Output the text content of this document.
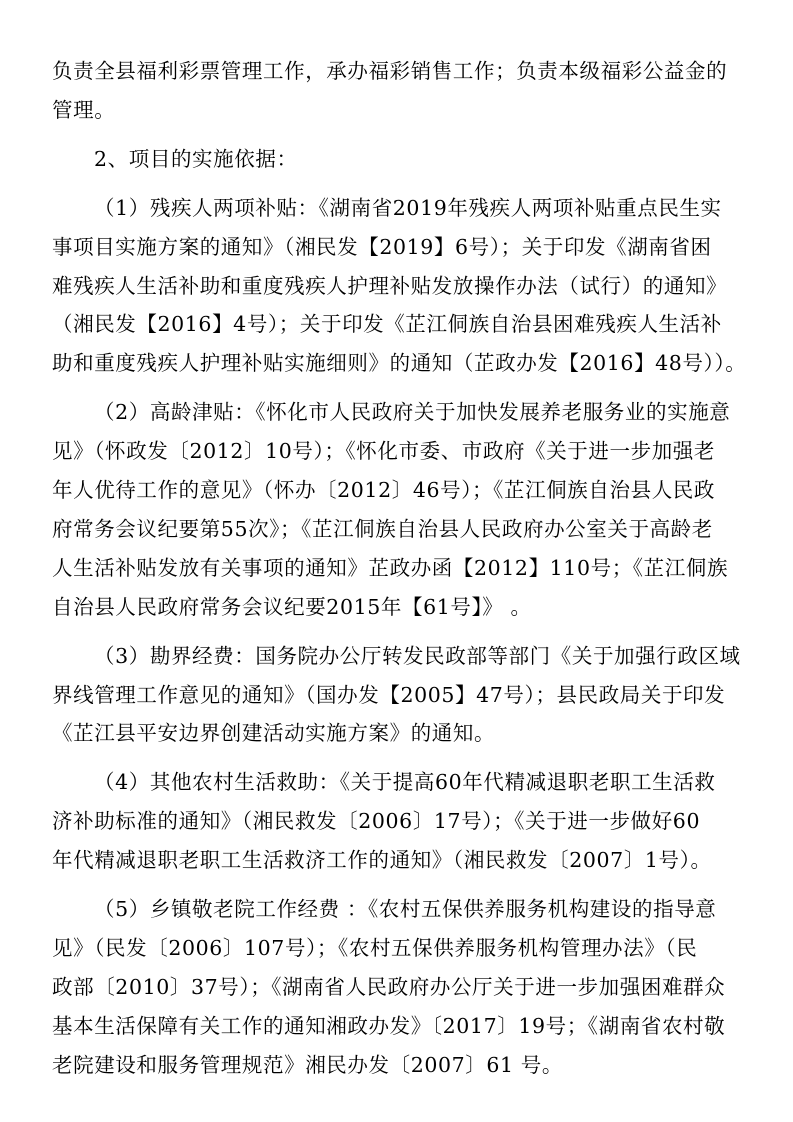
负责全县福利彩票管理工作，承办福彩销售工作；负责本级福彩公益金的
管理。
2、项目的实施依据：
（1）残疾人两项补贴：《湖南省2019年残疾人两项补贴重点民生实
事项目实施方案的通知》（湘民发【2019】6号）；关于印发《湖南省困
难残疾人生活补助和重度残疾人护理补贴发放操作办法（试行）的通知》
（湘民发【2016】4号）；关于印发《芷江侗族自治县困难残疾人生活补
助和重度残疾人护理补贴实施细则》的通知（芷政办发【2016】48号））。
（2）高龄津贴：《怀化市人民政府关于加快发展养老服务业的实施意
见》（怀政发〔2012〕10号）；《怀化市委、市政府《关于进一步加强老
年人优待工作的意见》（怀办〔2012〕46号）；《芷江侗族自治县人民政
府常务会议纪要第55次》；《芷江侗族自治县人民政府办公室关于高龄老
人生活补贴发放有关事项的通知》芷政办函【2012】110号；《芷江侗族
自治县人民政府常务会议纪要2015年【61号】》 。
（3）勘界经费：国务院办公厅转发民政部等部门《关于加强行政区域
界线管理工作意见的通知》（国办发【2005】47号）；县民政局关于印发
《芷江县平安边界创建活动实施方案》的通知。
（4）其他农村生活救助：《关于提高60年代精减退职老职工生活救
济补助标准的通知》（湘民救发〔2006〕17号）；《关于进一步做好60
年代精减退职老职工生活救济工作的通知》（湘民救发〔2007〕1号）。
（5）乡镇敬老院工作经费 ：《农村五保供养服务机构建设的指导意
见》（民发〔2006〕107号）；《农村五保供养服务机构管理办法》（民
政部〔2010〕37号）；《湖南省人民政府办公厅关于进一步加强困难群众
基本生活保障有关工作的通知湘政办发》〔2017〕19号；《湖南省农村敬
老院建设和服务管理规范》湘民办发〔2007〕61 号。
